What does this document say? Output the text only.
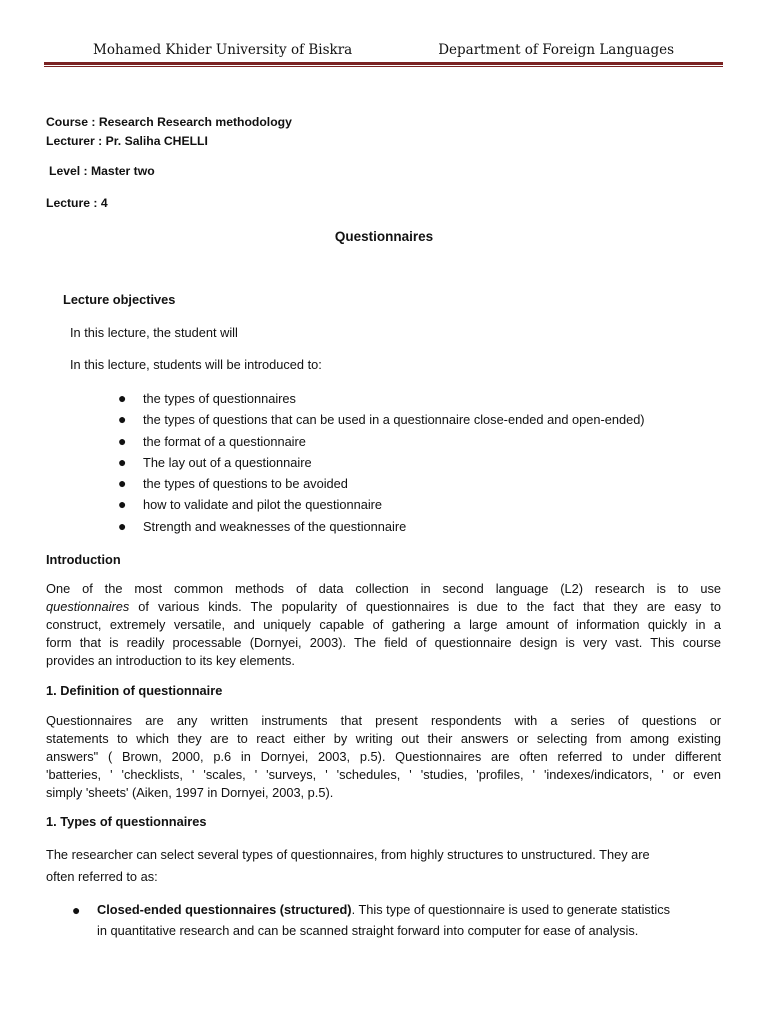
Mohamed Khider University of Biskra	Department of Foreign Languages
Course : Research Research methodology
Lecturer : Pr. Saliha CHELLI
Level : Master two
Lecture : 4
Questionnaires
Lecture objectives
In this lecture, the student will
In this lecture, students will be introduced to:
● the types of questionnaires
● the types of questions that can be used in a questionnaire close-ended and open-ended)
● the format of a questionnaire
● The lay out of a questionnaire
● the types of questions to be avoided
● how to validate and pilot the questionnaire
● Strength and weaknesses of the questionnaire
Introduction
One of the most common methods of data collection in second language (L2) research is to use
questionnaires of various kinds. The popularity of questionnaires is due to the fact that they are easy to
construct, extremely versatile, and uniquely capable of gathering a large amount of information quickly in a
form that is readily processable (Dornyei, 2003). The field of questionnaire design is very vast. This course
provides an introduction to its key elements.
1. Definition of questionnaire
Questionnaires are any written instruments that present respondents with a series of questions or
statements to which they are to react either by writing out their answers or selecting from among existing
answers" ( Brown, 2000, p.6 in Dornyei, 2003, p.5). Questionnaires are often referred to under different
'batteries, ' 'checklists, ' 'scales, ' 'surveys, ' 'schedules, ' 'studies, 'profiles, ' 'indexes/indicators, ' or even
simply 'sheets' (Aiken, 1997 in Dornyei, 2003, p.5).
1. Types of questionnaires
The researcher can select several types of questionnaires, from highly structures to unstructured. They are
often referred to as:
● Closed-ended questionnaires (structured). This type of questionnaire is used to generate statistics
in quantitative research and can be scanned straight forward into computer for ease of analysis.
